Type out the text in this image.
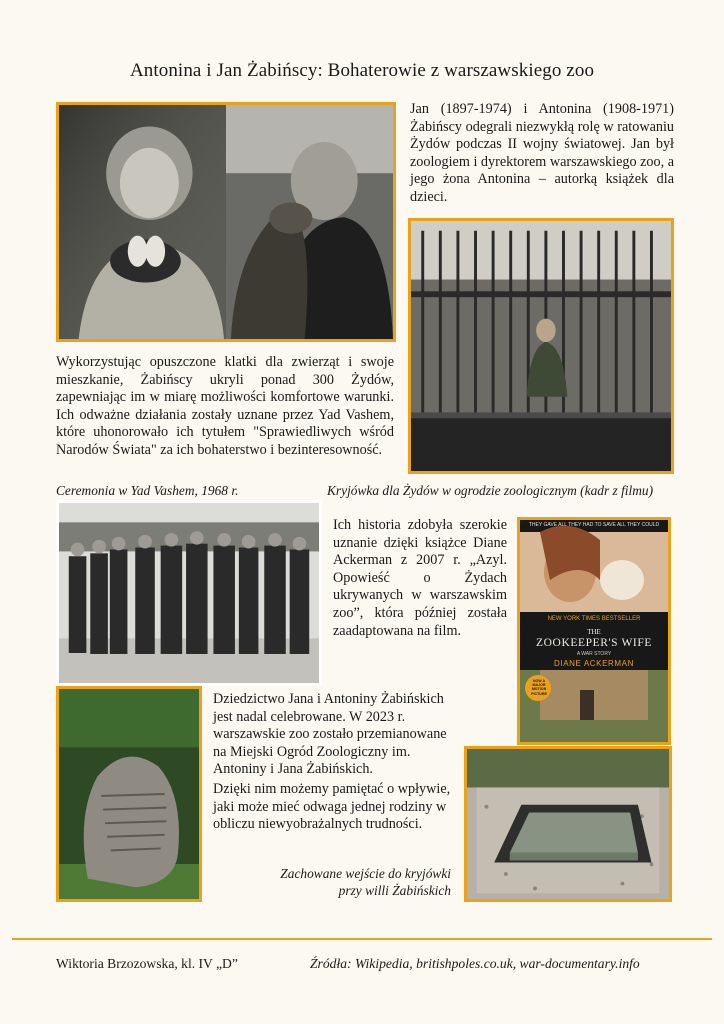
Antonina i Jan Żabińscy: Bohaterowie z warszawskiego zoo
Jan (1897-1974) i Antonina (1908-1971) Żabińscy odegrali niezwykłą rolę w ratowaniu Żydów podczas II wojny światowej. Jan był zoologiem i dyrektorem warszawskiego zoo, a jego żona Antonina – autorką książek dla dzieci.
Wykorzystując opuszczone klatki dla zwierząt i swoje mieszkanie, Żabińscy ukryli ponad 300 Żydów, zapewniając im w miarę możliwości komfortowe warunki. Ich odważne działania zostały uznane przez Yad Vashem, które uhonorowało ich tytułem "Sprawiedliwych wśród Narodów Świata" za ich bohaterstwo i bezinteresowność.
Ceremonia w Yad Vashem, 1968 r.	Kryjówka dla Żydów w ogrodzie zoologicznym (kadr z filmu)
Ich historia zdobyła szerokie uznanie dzięki książce Diane Ackerman z 2007 r. „Azyl. Opowieść o Żydach ukrywanych w warszawskim zoo”, która później została zaadaptowana na film.
THEY GAVE ALL THEY HAD TO SAVE ALL THEY COULD
NEW YORK TIMES BESTSELLER
THE
ZOOKEEPER'S WIFE
A WAR STORY
DIANE ACKERMAN
NOW A MAJOR MOTION PICTURE
Dziedzictwo Jana i Antoniny Żabińskich jest nadal celebrowane. W 2023 r. warszawskie zoo zostało przemianowane na Miejski Ogród Zoologiczny im. Antoniny i Jana Żabińskich.
Dzięki nim możemy pamiętać o wpływie, jaki może mieć odwaga jednej rodziny w obliczu niewyobrażalnych trudności.
Zachowane wejście do kryjówki
przy willi Żabińskich
Wiktoria Brzozowska, kl. IV „D”	Źródła: Wikipedia, britishpoles.co.uk, war-documentary.info
